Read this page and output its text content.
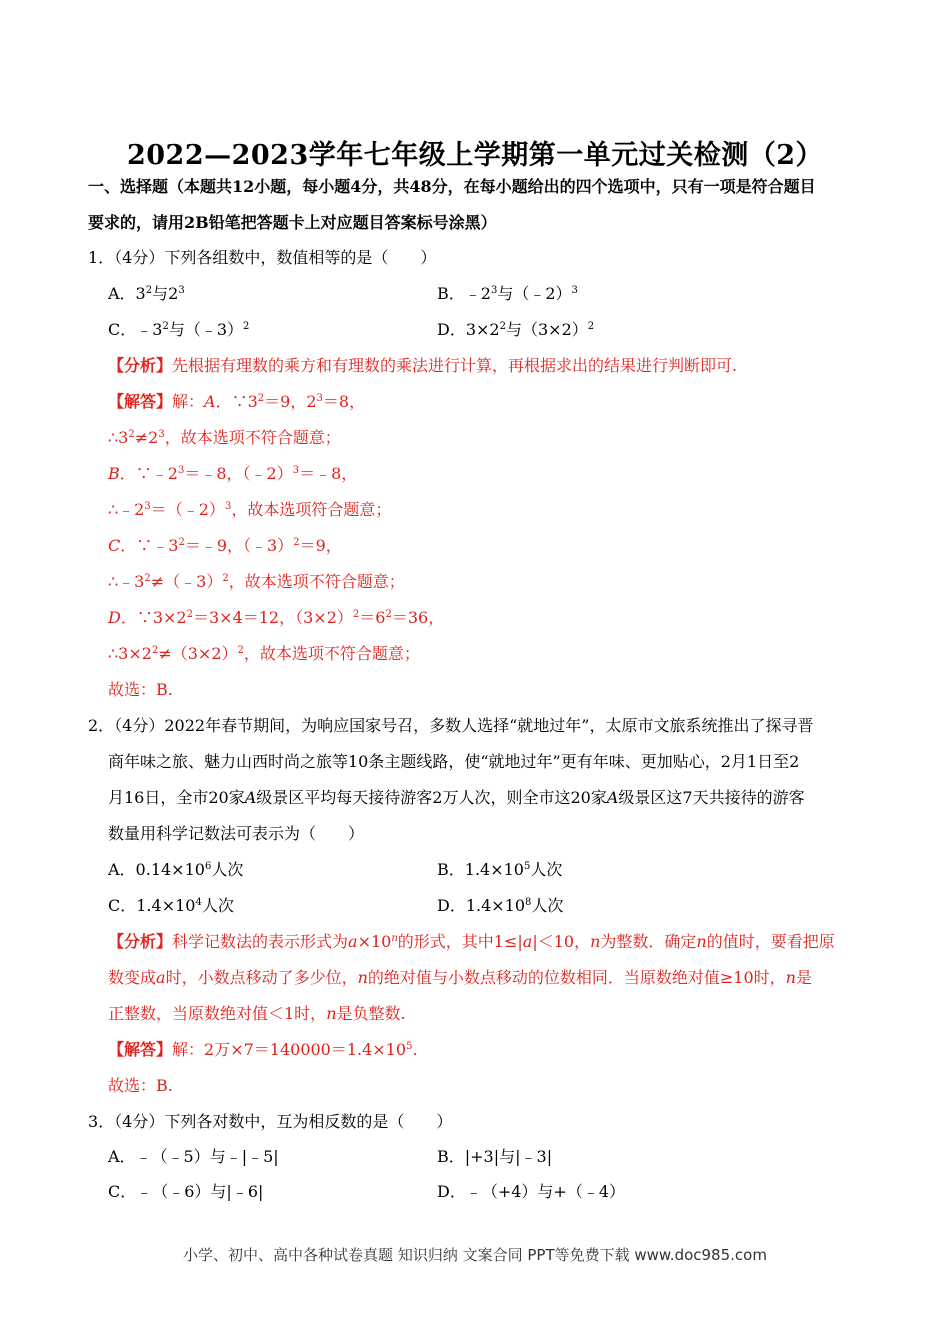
2022—2023学年七年级上学期第一单元过关检测（2）
一、选择题（本题共12小题，每小题4分，共48分，在每小题给出的四个选项中，只有一项是符合题目
要求的，请用2B铅笔把答题卡上对应题目答案标号涂黑）
1．（4分）下列各组数中，数值相等的是（　　）
A．$3^2$与$2^3$	B．$﹣2^3$与（﹣2）$^3$
C．$﹣3^2$与（﹣3）$^2$	D．$3\times 2^2$与$(3\times 2)^2$
【分析】先根据有理数的乘方和有理数的乘法进行计算，再根据求出的结果进行判断即可.
【解答】解：A．$\because 3^2=9$，$2^3=8$，
$\therefore 3^2\ne 2^3$，故本选项不符合题意；
B．$\because﹣2^3=﹣8$，（﹣2）$^3$＝﹣8，
$\therefore﹣2^3=(﹣2)^3$，故本选项符合题意；
C．$\because﹣3^2=﹣9$，（﹣3）$^2$＝9，
$\therefore﹣3^2\ne(﹣3)^2$，故本选项不符合题意；
D．$\because 3\times 2^2=3\times 4=12$，$(3\times 2)^2=6^2=36$，
$\therefore 3\times 2^2\ne(3\times 2)^2$，故本选项不符合题意；
故选：B.
2．（4分）2022年春节期间，为响应国家号召，多数人选择“就地过年”，太原市文旅系统推出了探寻晋
商年味之旅、魅力山西时尚之旅等10条主题线路，使“就地过年”更有年味、更加贴心，2月1日至2
月16日，全市20家A级景区平均每天接待游客2万人次，则全市这20家A级景区这7天共接待的游客
数量用科学记数法可表示为（　　）
A．$0.14\times 10^6$人次	B．$1.4\times 10^5$人次
C．$1.4\times 10^4$人次	D．$1.4\times 10^8$人次
【分析】科学记数法的表示形式为$a\times 10^n$的形式，其中1≤|a|＜10，n为整数．确定n的值时，要看把原
数变成a时，小数点移动了多少位，n的绝对值与小数点移动的位数相同．当原数绝对值≥10时，n是
正整数，当原数绝对值＜1时，n是负整数.
【解答】解：2万$\times 7=140000=1.4\times 10^5$.
故选：B.
3．（4分）下列各对数中，互为相反数的是（　　）
A．﹣（﹣5）与﹣|﹣5|	B．|+3|与|﹣3|
C．﹣（﹣6）与|﹣6|	D．﹣（+4）与+（﹣4）
小学、初中、高中各种试卷真题 知识归纳 文案合同 PPT等免费下载 www.doc985.com
